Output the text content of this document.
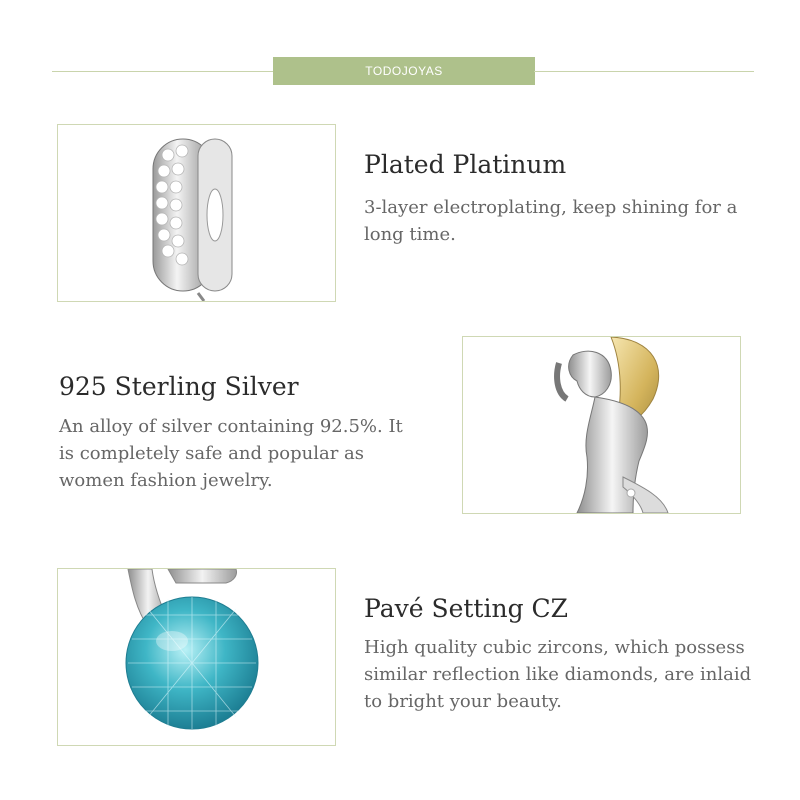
TODOJOYAS
Plated Platinum
3-layer electroplating, keep shining for a long time.
925 Sterling Silver
An alloy of silver containing 92.5%. It is completely safe and popular as women fashion jewelry.
Pavé Setting CZ
High quality cubic zircons, which possess similar reflection like diamonds, are inlaid to bright your beauty.
